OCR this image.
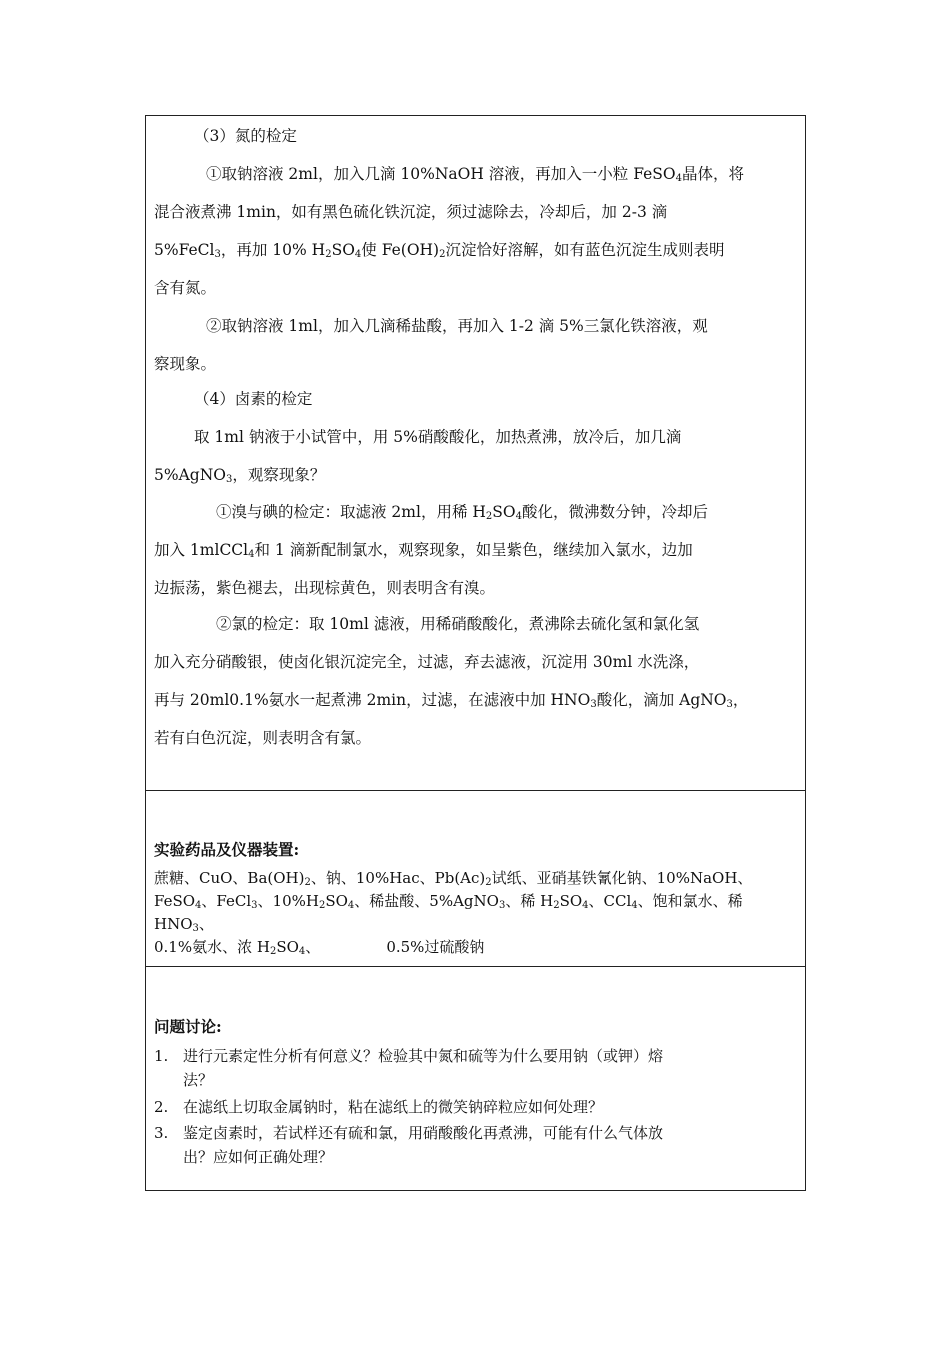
（3）氮的检定
①取钠溶液 2ml，加入几滴 10%NaOH 溶液，再加入一小粒 FeSO$_4$晶体，将
混合液煮沸 1min，如有黑色硫化铁沉淀，须过滤除去，冷却后，加 2-3 滴
5%FeCl$_3$，再加 10% $H_2SO_4$使 $Fe(OH)_2$沉淀恰好溶解，如有蓝色沉淀生成则表明
含有氮。
②取钠溶液 1ml，加入几滴稀盐酸，再加入 1-2 滴 5%三氯化铁溶液，观
察现象。
（4）卤素的检定
取 1ml 钠液于小试管中，用 5%硝酸酸化，加热煮沸，放冷后，加几滴
5%AgNO$_3$，观察现象？
①溴与碘的检定：取滤液 2ml，用稀 $H_2SO_4$酸化，微沸数分钟，冷却后
加入 1mlCCl$_4$和 1 滴新配制氯水，观察现象，如呈紫色，继续加入氯水，边加
边振荡，紫色褪去，出现棕黄色，则表明含有溴。
②氯的检定：取 10ml 滤液，用稀硝酸酸化，煮沸除去硫化氢和氯化氢
加入充分硝酸银，使卤化银沉淀完全，过滤，弃去滤液，沉淀用 30ml 水洗涤，
再与 20ml0.1%氨水一起煮沸 2min，过滤，在滤液中加 $HNO_3$酸化，滴加 AgNO$_3$，
若有白色沉淀，则表明含有氯。
实验药品及仪器装置:
蔗糖、CuO、$Ba(OH)_2$、钠、10%Hac、$Pb(Ac)_2$试纸、亚硝基铁氰化钠、10%NaOH、
FeSO$_4$、FeCl$_3$、$10\%H_2SO_4$、稀盐酸、5%AgNO$_3$、稀 $H_2SO_4$、CCl$_4$、饱和氯水、稀 $HNO_3$、
0.1%氨水、浓 $H_2SO_4$、	0.5%过硫酸钠
问题讨论:
1. 进行元素定性分析有何意义？检验其中氮和硫等为什么要用钠（或钾）熔
法？
2. 在滤纸上切取金属钠时，粘在滤纸上的微笑钠碎粒应如何处理？
3. 鉴定卤素时，若试样还有硫和氯，用硝酸酸化再煮沸，可能有什么气体放
出？应如何正确处理？
